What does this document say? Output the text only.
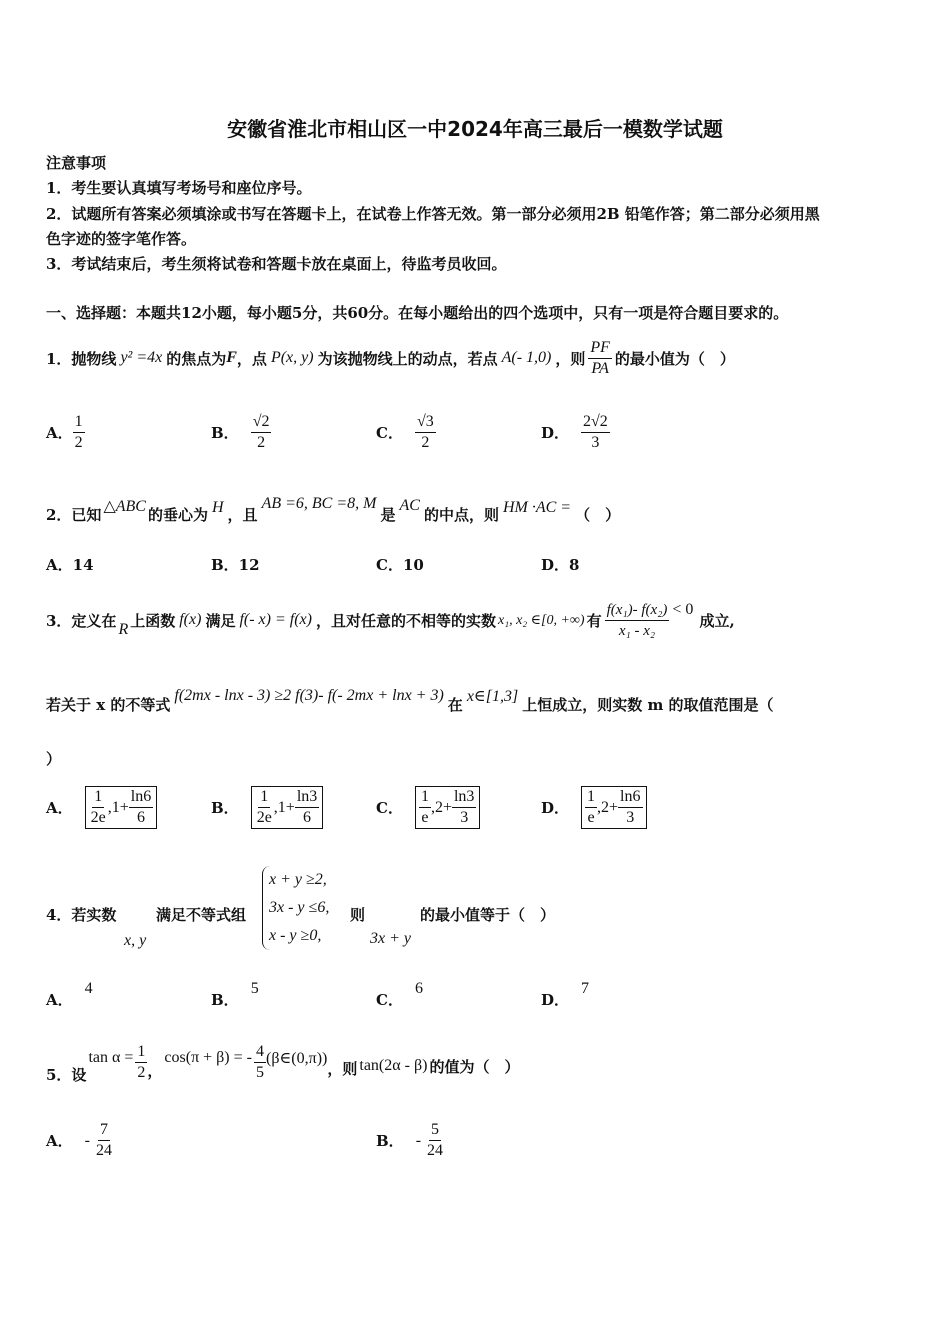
安徽省淮北市相山区一中2024年高三最后一模数学试题
注意事项
1．考生要认真填写考场号和座位序号。
2．试题所有答案必须填涂或书写在答题卡上，在试卷上作答无效。第一部分必须用2B 铅笔作答；第二部分必须用黑
色字迹的签字笔作答。
3．考试结束后，考生须将试卷和答题卡放在桌面上，待监考员收回。
一、选择题：本题共12小题，每小题5分，共60分。在每小题给出的四个选项中，只有一项是符合题目要求的。
1．抛物线 y² =4x 的焦点为 F ，点 P(x, y) 为该抛物线上的动点，若点 A(- 1,0) ，则 $\frac{PF}{PA}$ 的最小值为（　）
A． $\frac{1}{2}$	B． $\frac{√2}{2}$	C． $\frac{√3}{2}$	D． $\frac{2√2}{3}$
2．已知 △ABC 的垂心为 H ，且
AB =6, BC =8, M
是 AC 的中点，则 HM ·AC = （　）
A．14	B．12	C．10	D．8
3．定义在 R 上函数 f(x) 满足 f(- x) = f(x) ，且对任意的不相等的实数 x₁, x₂ ∈[0, +∞) 有 $\frac{\text{f(x₁)- f(x₂)}}{\text{x₁ - x₂}} < 0$
成立,
若关于 x 的不等式 f(2mx - lnx - 3) ≥2 f(3)- f(- 2mx + lnx + 3) 在 x∈[1,3] 上恒成立，则实数 m 的取值范围是（
）
A． $\frac{1}{2e} ,1+ \frac{\ln 6}{6}$	B． $\frac{1}{2e} ,1+ \frac{\ln 3}{6}$	C． $\frac{1}{e} ,2+ \frac{\ln 3}{3}$	D． $\frac{1}{e} ,2+ \frac{\ln 6}{3}$
4．若实数
x, y
满足不等式组
x + y ≥2,
3x - y ≤6,
x - y ≥0,
则
3x + y
的最小值等于（　）
A．4
B．5
C．6
D．7
5．设
$\tan \alpha = \frac{1}{2}$ ，
cos(π + β) = - $\frac{4}{5}$ (β∈(0,π))
，则 tan(2α - β) 的值为（　）
A． - $\frac{7}{24}$	B． - $\frac{5}{24}$
